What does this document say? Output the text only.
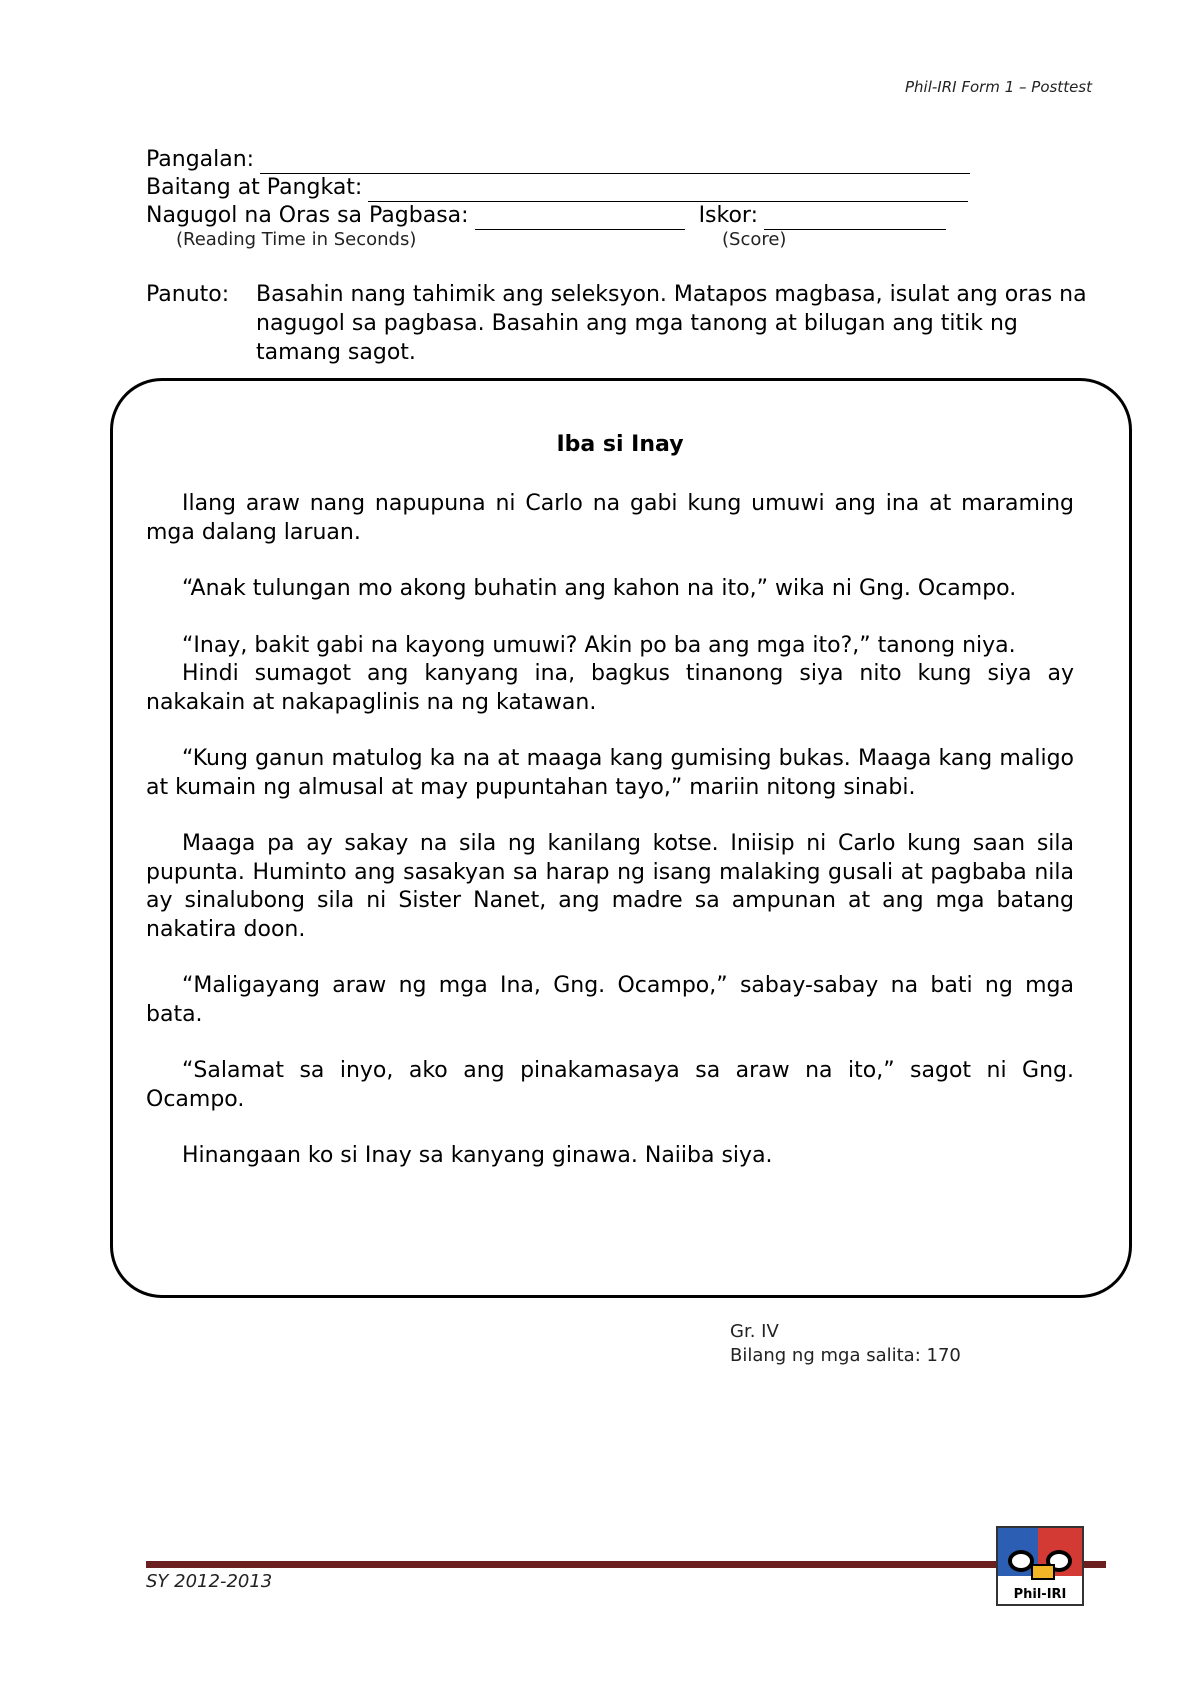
Phil-IRI Form 1 – Posttest
Pangalan:
Baitang at Pangkat:
Nagugol na Oras sa Pagbasa:	Iskor:
(Reading Time in Seconds)	(Score)
Panuto:	Basahin nang tahimik ang seleksyon. Matapos magbasa, isulat ang oras na nagugol sa pagbasa. Basahin ang mga tanong at bilugan ang titik ng tamang sagot.
Iba si Inay

Ilang araw nang napupuna ni Carlo na gabi kung umuwi ang ina at maraming mga dalang laruan.

“Anak tulungan mo akong buhatin ang kahon na ito,” wika ni Gng. Ocampo.

“Inay, bakit gabi na kayong umuwi? Akin po ba ang mga ito?,” tanong niya.

Hindi sumagot ang kanyang ina, bagkus tinanong siya nito kung siya ay nakakain at nakapaglinis na ng katawan.

“Kung ganun matulog ka na at maaga kang gumising bukas. Maaga kang maligo at kumain ng almusal at may pupuntahan tayo,” mariin nitong sinabi.

Maaga pa ay sakay na sila ng kanilang kotse. Iniisip ni Carlo kung saan sila pupunta. Huminto ang sasakyan sa harap ng isang malaking gusali at pagbaba nila ay sinalubong sila ni Sister Nanet, ang madre sa ampunan at ang mga batang nakatira doon.

“Maligayang araw ng mga Ina, Gng. Ocampo,” sabay-sabay na bati ng mga bata.

“Salamat sa inyo, ako ang pinakamasaya sa araw na ito,” sagot ni Gng. Ocampo.

Hinangaan ko si Inay sa kanyang ginawa. Naiiba siya.

Gr. IV
Bilang ng mga salita: 170
SY 2012-2013
Phil-IRI
